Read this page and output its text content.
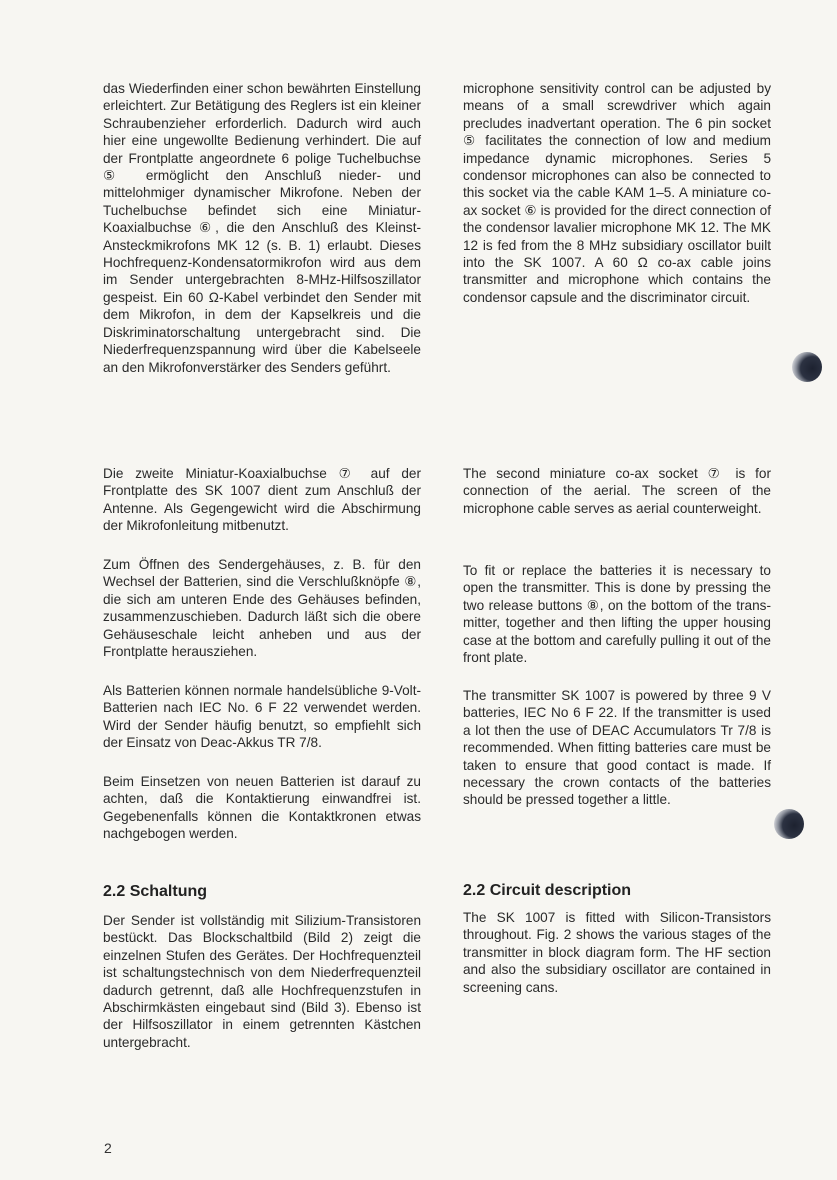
das Wiederfinden einer schon bewährten Einstellung erleichtert. Zur Betätigung des Reglers ist ein kleiner Schraubenzieher erforderlich. Dadurch wird auch hier eine ungewollte Bedienung verhindert. Die auf der Frontplatte angeordnete 6 polige Tuchelbuchse ⑤ ermöglicht den Anschluß nieder- und mittelohmiger dynamischer Mikrofone. Neben der Tuchelbuchse befindet sich eine Miniatur-Koaxialbuchse ⑥, die den Anschluß des Kleinst-Ansteckmikrofons MK 12 (s. B. 1) erlaubt. Dieses Hochfrequenz-Kondensatormikrofon wird aus dem im Sender untergebrachten 8-MHz-Hilfsoszillator gespeist. Ein 60 Ω-Kabel verbindet den Sender mit dem Mikrofon, in dem der Kapselkreis und die Diskriminatorschaltung untergebracht sind. Die Niederfrequenzspannung wird über die Kabelseele an den Mikrofonverstärker des Senders geführt.

Die zweite Miniatur-Koaxialbuchse ⑦ auf der Frontplatte des SK 1007 dient zum Anschluß der Antenne. Als Gegengewicht wird die Abschirmung der Mikrofonleitung mitbenutzt.

Zum Öffnen des Sendergehäuses, z. B. für den Wechsel der Batterien, sind die Verschlußknöpfe ⑧, die sich am unteren Ende des Gehäuses befinden, zusammenzuschieben. Dadurch läßt sich die obere Gehäuseschale leicht anheben und aus der Frontplatte herausziehen.

Als Batterien können normale handelsübliche 9-Volt-Batterien nach IEC No. 6 F 22 verwendet werden. Wird der Sender häufig benutzt, so empfiehlt sich der Einsatz von Deac-Akkus TR 7/8.

Beim Einsetzen von neuen Batterien ist darauf zu achten, daß die Kontaktierung einwandfrei ist. Gegebenenfalls können die Kontaktkronen etwas nachgebogen werden.

2.2 Schaltung

Der Sender ist vollständig mit Silizium-Transistoren bestückt. Das Blockschaltbild (Bild 2) zeigt die einzelnen Stufen des Gerätes. Der Hochfrequenzteil ist schaltungstechnisch von dem Niederfrequenzteil dadurch getrennt, daß alle Hochfrequenzstufen in Abschirmkästen eingebaut sind (Bild 3). Ebenso ist der Hilfsoszillator in einem getrennten Kästchen untergebracht.

microphone sensitivity control can be adjusted by means of a small screwdriver which again precludes inadvertant operation. The 6 pin socket ⑤ facilitates the connection of low and medium impedance dynamic microphones. Series 5 condensor microphones can also be connected to this socket via the cable KAM 1–5. A miniature co-ax socket ⑥ is provided for the direct connection of the condensor lavalier microphone MK 12. The MK 12 is fed from the 8 MHz subsidiary oscillator built into the SK 1007. A 60 Ω co-ax cable joins transmitter and microphone which contains the condensor capsule and the discriminator circuit.

The second miniature co-ax socket ⑦ is for connection of the aerial. The screen of the microphone cable serves as aerial counterweight.

To fit or replace the batteries it is necessary to open the transmitter. This is done by pressing the two release buttons ⑧, on the bottom of the transmitter, together and then lifting the upper housing case at the bottom and carefully pulling it out of the front plate.

The transmitter SK 1007 is powered by three 9 V batteries, IEC No 6 F 22. If the transmitter is used a lot then the use of DEAC Accumulators Tr 7/8 is recommended. When fitting batteries care must be taken to ensure that good contact is made. If necessary the crown contacts of the batteries should be pressed together a little.

2.2 Circuit description

The SK 1007 is fitted with Silicon-Transistors throughout. Fig. 2 shows the various stages of the transmitter in block diagram form. The HF section and also the subsidiary oscillator are contained in screening cans.

2
